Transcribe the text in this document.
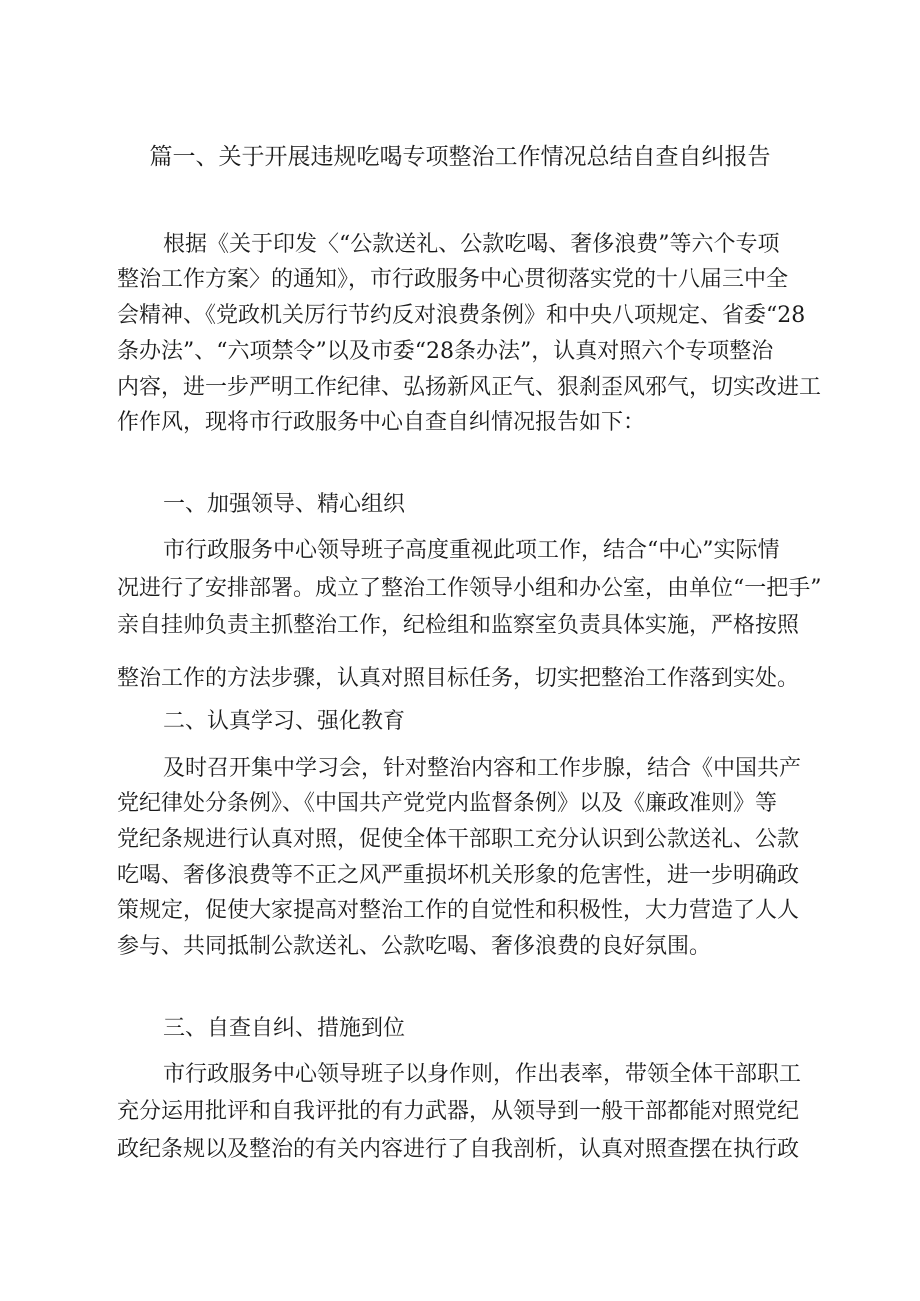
篇一、关于开展违规吃喝专项整治工作情况总结自查自纠报告
根据《关于印发〈“公款送礼、公款吃喝、奢侈浪费”等六个专项
整治工作方案〉的通知》，市行政服务中心贯彻落实党的十八届三中全
会精神、《党政机关厉行节约反对浪费条例》和中央八项规定、省委“28
条办法”、“六项禁令”以及市委“28条办法”，认真对照六个专项整治
内容，进一步严明工作纪律、弘扬新风正气、狠刹歪风邪气，切实改进工
作作风，现将市行政服务中心自查自纠情况报告如下：
一、加强领导、精心组织
市行政服务中心领导班子高度重视此项工作，结合“中心”实际情
况进行了安排部署。成立了整治工作领导小组和办公室，由单位“一把手”
亲自挂帅负责主抓整治工作，纪检组和监察室负责具体实施，严格按照
整治工作的方法步骤，认真对照目标任务，切实把整治工作落到实处。
二、认真学习、强化教育
及时召开集中学习会，针对整治内容和工作步腺，结合《中国共产
党纪律处分条例》、《中国共产党党内监督条例》以及《廉政准则》等
党纪条规进行认真对照，促使全体干部职工充分认识到公款送礼、公款
吃喝、奢侈浪费等不正之风严重损坏机关形象的危害性，进一步明确政
策规定，促使大家提高对整治工作的自觉性和积极性，大力营造了人人
参与、共同抵制公款送礼、公款吃喝、奢侈浪费的良好氛围。
三、自查自纠、措施到位
市行政服务中心领导班子以身作则，作出表率，带领全体干部职工
充分运用批评和自我评批的有力武器，从领导到一般干部都能对照党纪
政纪条规以及整治的有关内容进行了自我剖析，认真对照查摆在执行政
